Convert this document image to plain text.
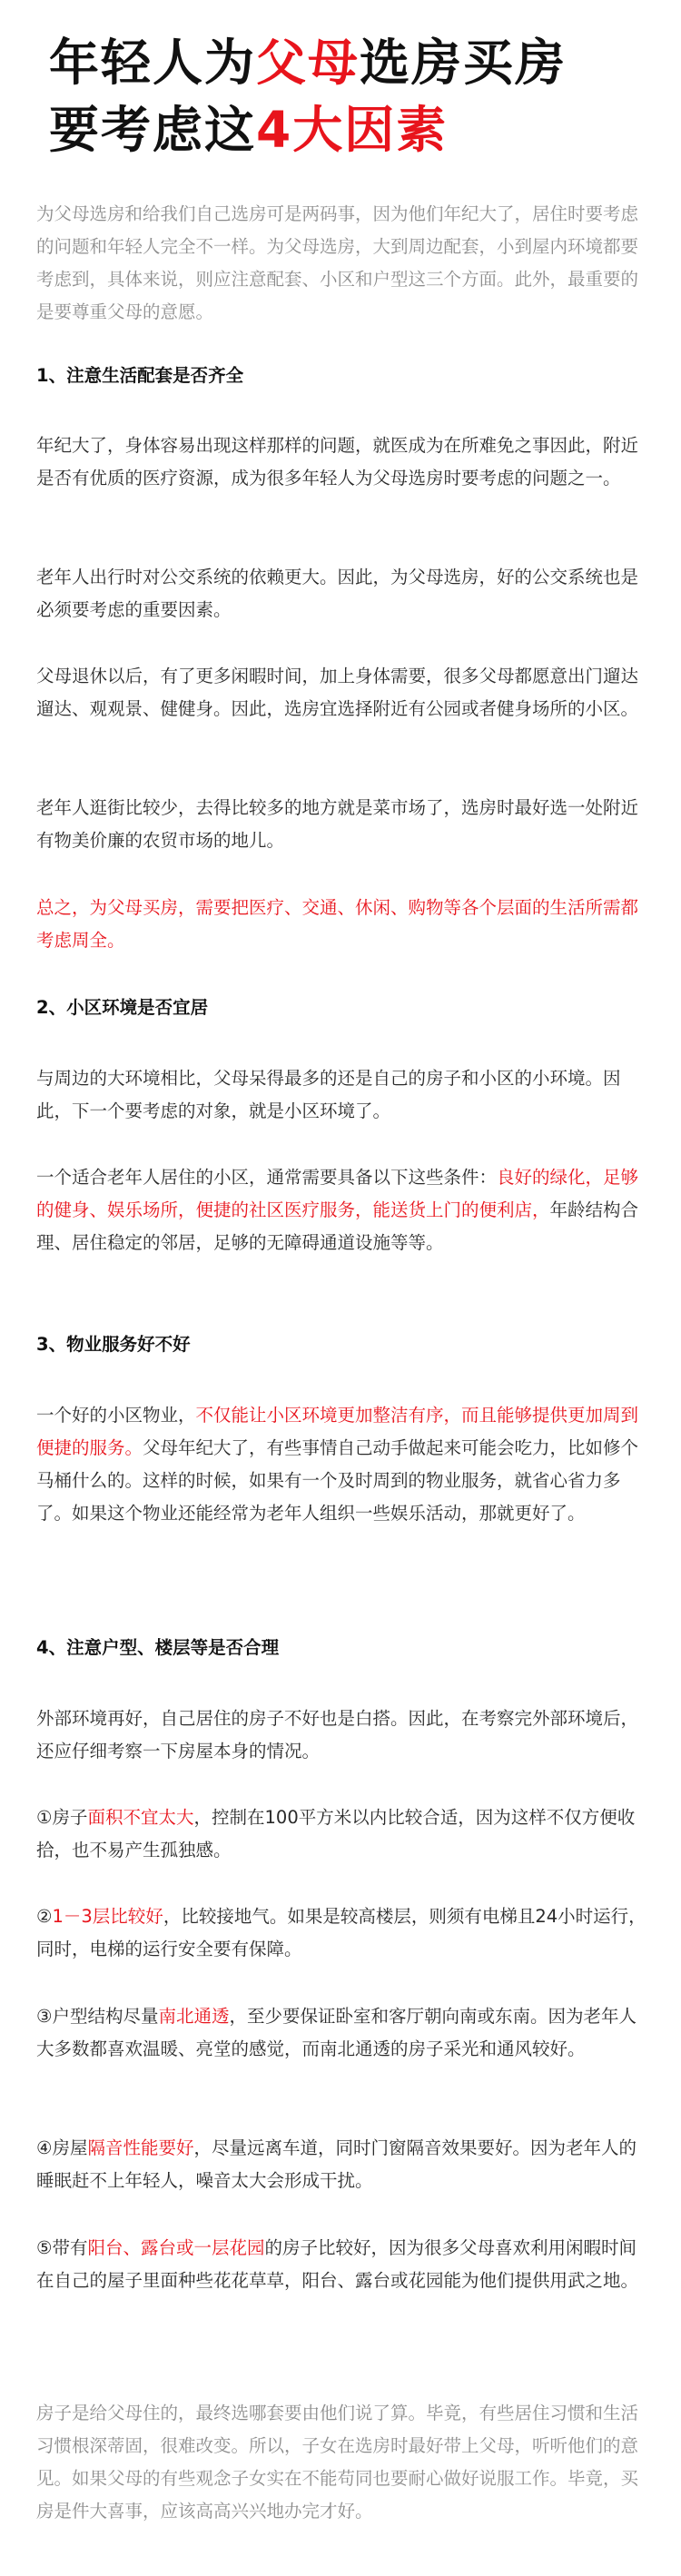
年轻人为父母选房买房
要考虑这4大因素

为父母选房和给我们自己选房可是两码事，因为他们年纪大了，居住时要考虑的问题和年轻人完全不一样。为父母选房，大到周边配套，小到屋内环境都要考虑到，具体来说，则应注意配套、小区和户型这三个方面。此外，最重要的是要尊重父母的意愿。

1、注意生活配套是否齐全

年纪大了，身体容易出现这样那样的问题，就医成为在所难免之事因此，附近是否有优质的医疗资源，成为很多年轻人为父母选房时要考虑的问题之一。

老年人出行时对公交系统的依赖更大。因此，为父母选房，好的公交系统也是必须要考虑的重要因素。

父母退休以后，有了更多闲暇时间，加上身体需要，很多父母都愿意出门遛达遛达、观观景、健健身。因此，选房宜选择附近有公园或者健身场所的小区。

老年人逛街比较少，去得比较多的地方就是菜市场了，选房时最好选一处附近有物美价廉的农贸市场的地儿。

总之，为父母买房，需要把医疗、交通、休闲、购物等各个层面的生活所需都考虑周全。

2、小区环境是否宜居

与周边的大环境相比，父母呆得最多的还是自己的房子和小区的小环境。因此，下一个要考虑的对象，就是小区环境了。

一个适合老年人居住的小区，通常需要具备以下这些条件：良好的绿化，足够的健身、娱乐场所，便捷的社区医疗服务，能送货上门的便利店，年龄结构合理、居住稳定的邻居，足够的无障碍通道设施等等。

3、物业服务好不好

一个好的小区物业，不仅能让小区环境更加整洁有序，而且能够提供更加周到便捷的服务。父母年纪大了，有些事情自己动手做起来可能会吃力，比如修个马桶什么的。这样的时候，如果有一个及时周到的物业服务，就省心省力多了。如果这个物业还能经常为老年人组织一些娱乐活动，那就更好了。

4、注意户型、楼层等是否合理

外部环境再好，自己居住的房子不好也是白搭。因此，在考察完外部环境后，还应仔细考察一下房屋本身的情况。

①房子面积不宜太大，控制在100平方米以内比较合适，因为这样不仅方便收拾，也不易产生孤独感。

②1－3层比较好，比较接地气。如果是较高楼层，则须有电梯且24小时运行，同时，电梯的运行安全要有保障。

③户型结构尽量南北通透，至少要保证卧室和客厅朝向南或东南。因为老年人大多数都喜欢温暖、亮堂的感觉，而南北通透的房子采光和通风较好。

④房屋隔音性能要好，尽量远离车道，同时门窗隔音效果要好。因为老年人的睡眠赶不上年轻人，噪音太大会形成干扰。

⑤带有阳台、露台或一层花园的房子比较好，因为很多父母喜欢利用闲暇时间在自己的屋子里面种些花花草草，阳台、露台或花园能为他们提供用武之地。

房子是给父母住的，最终选哪套要由他们说了算。毕竟，有些居住习惯和生活习惯根深蒂固，很难改变。所以，子女在选房时最好带上父母，听听他们的意见。如果父母的有些观念子女实在不能苟同也要耐心做好说服工作。毕竟，买房是件大喜事，应该高高兴兴地办完才好。
